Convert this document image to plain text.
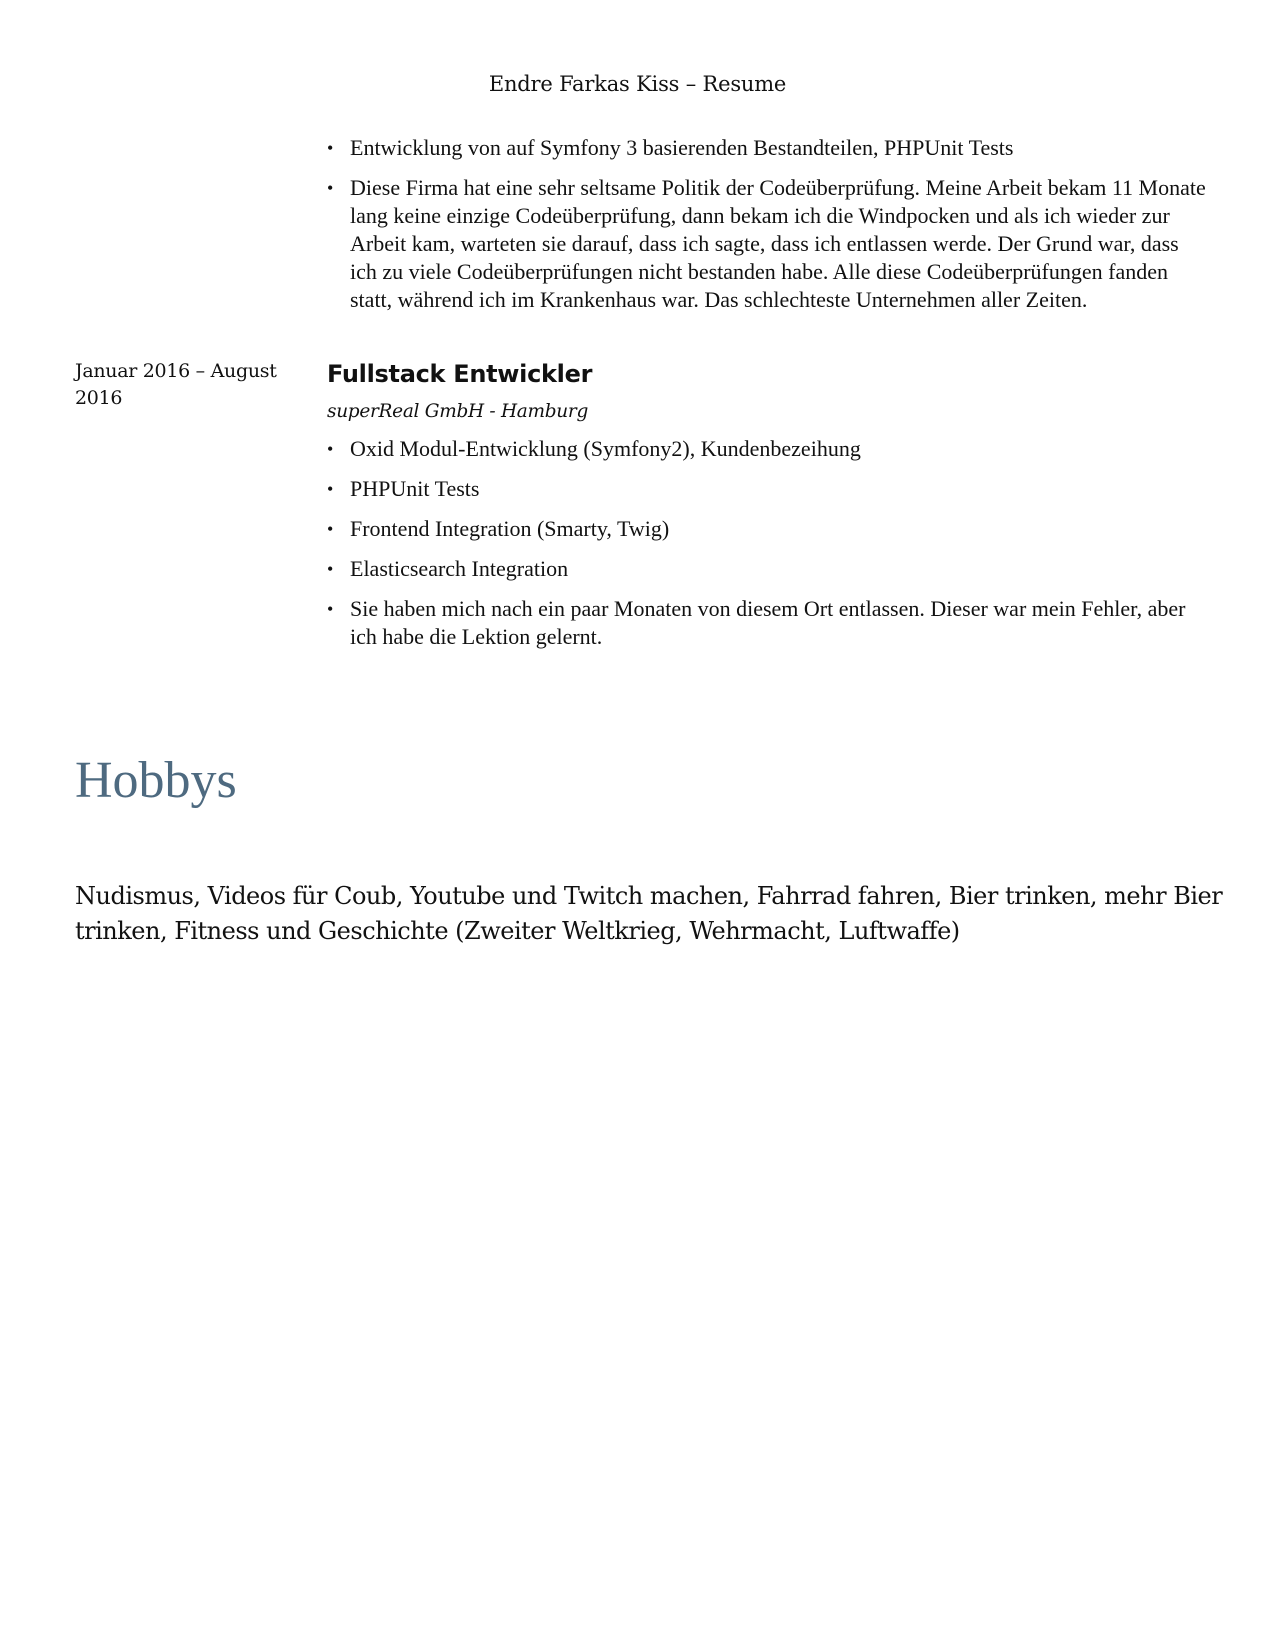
Endre Farkas Kiss – Resume
• Entwicklung von auf Symfony 3 basierenden Bestandteilen, PHPUnit Tests
• Diese Firma hat eine sehr seltsame Politik der Codeüberprüfung. Meine Arbeit bekam 11 Monate lang keine einzige Codeüberprüfung, dann bekam ich die Windpocken und als ich wieder zur Arbeit kam, warteten sie darauf, dass ich sagte, dass ich entlassen werde. Der Grund war, dass ich zu viele Codeüberprüfungen nicht bestanden habe. Alle diese Codeüberprüfungen fanden statt, während ich im Krankenhaus war. Das schlechteste Unternehmen aller Zeiten.
Januar 2016 – August 2016
Fullstack Entwickler
superReal GmbH - Hamburg
• Oxid Modul-Entwicklung (Symfony2), Kundenbezeihung
• PHPUnit Tests
• Frontend Integration (Smarty, Twig)
• Elasticsearch Integration
• Sie haben mich nach ein paar Monaten von diesem Ort entlassen. Dieser war mein Fehler, aber ich habe die Lektion gelernt.
Hobbys

Nudismus, Videos für Coub, Youtube und Twitch machen, Fahrrad fahren, Bier trinken, mehr Bier trinken, Fitness und Geschichte (Zweiter Weltkrieg, Wehrmacht, Luftwaffe)
